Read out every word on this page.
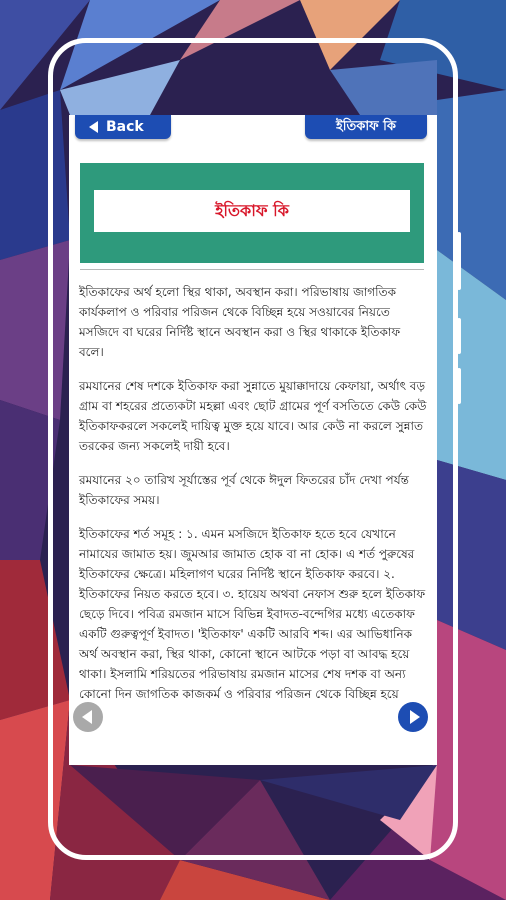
Back	ইতিকাফ কি
ইতিকাফ কি

ইতিকাফের অর্থ হলো স্থির থাকা, অবস্থান করা। পরিভাষায় জাগতিক কার্যকলাপ ও পরিবার পরিজন থেকে বিচ্ছিন্ন হয়ে সওয়াবের নিয়তে মসজিদে বা ঘরের নির্দিষ্ট স্থানে অবস্থান করা ও স্থির থাকাকে ইতিকাফ বলে।

রমযানের শেষ দশকে ইতিকাফ করা সুন্নাতে মুয়াক্কাদায়ে কেফায়া, অর্থাৎ বড় গ্রাম বা শহরের প্রত্যেকটা মহল্লা এবং ছোট গ্রামের পূর্ণ বসতিতে কেউ কেউ ইতিকাফকরলে সকলেই দায়িত্ব মুক্ত হয়ে যাবে। আর কেউ না করলে সুন্নাত তরকের জন্য সকলেই দায়ী হবে।

রমযানের ২০ তারিখ সূর্যাস্তের পূর্ব থেকে ঈদুল ফিতরের চাঁদ দেখা পর্যন্ত ইতিকাফের সময়।

ইতিকাফের শর্ত সমূহ : ১. এমন মসজিদে ইতিকাফ হতে হবে যেখানে নামাযের জামাত হয়। জুমআর জামাত হোক বা না হোক। এ শর্ত পুরুষের ইতিকাফের ক্ষেত্রে। মহিলাগণ ঘরের নির্দিষ্ট স্থানে ইতিকাফ করবে। ২. ইতিকাফের নিয়ত করতে হবে। ৩. হায়েয অথবা নেফাস শুরু হলে ইতিকাফ ছেড়ে দিবে। পবিত্র রমজান মাসে বিভিন্ন ইবাদত-বন্দেগির মধ্যে এতেকাফ একটি গুরুত্বপূর্ণ ইবাদত। 'ইতিকাফ' একটি আরবি শব্দ। এর আভিধানিক অর্থ অবস্থান করা, স্থির থাকা, কোনো স্থানে আটকে পড়া বা আবদ্ধ হয়ে থাকা। ইসলামি শরিয়তের পরিভাষায় রমজান মাসের শেষ দশক বা অন্য কোনো দিন জাগতিক কাজকর্ম ও পরিবার পরিজন থেকে বিচ্ছিন্ন হয়ে
